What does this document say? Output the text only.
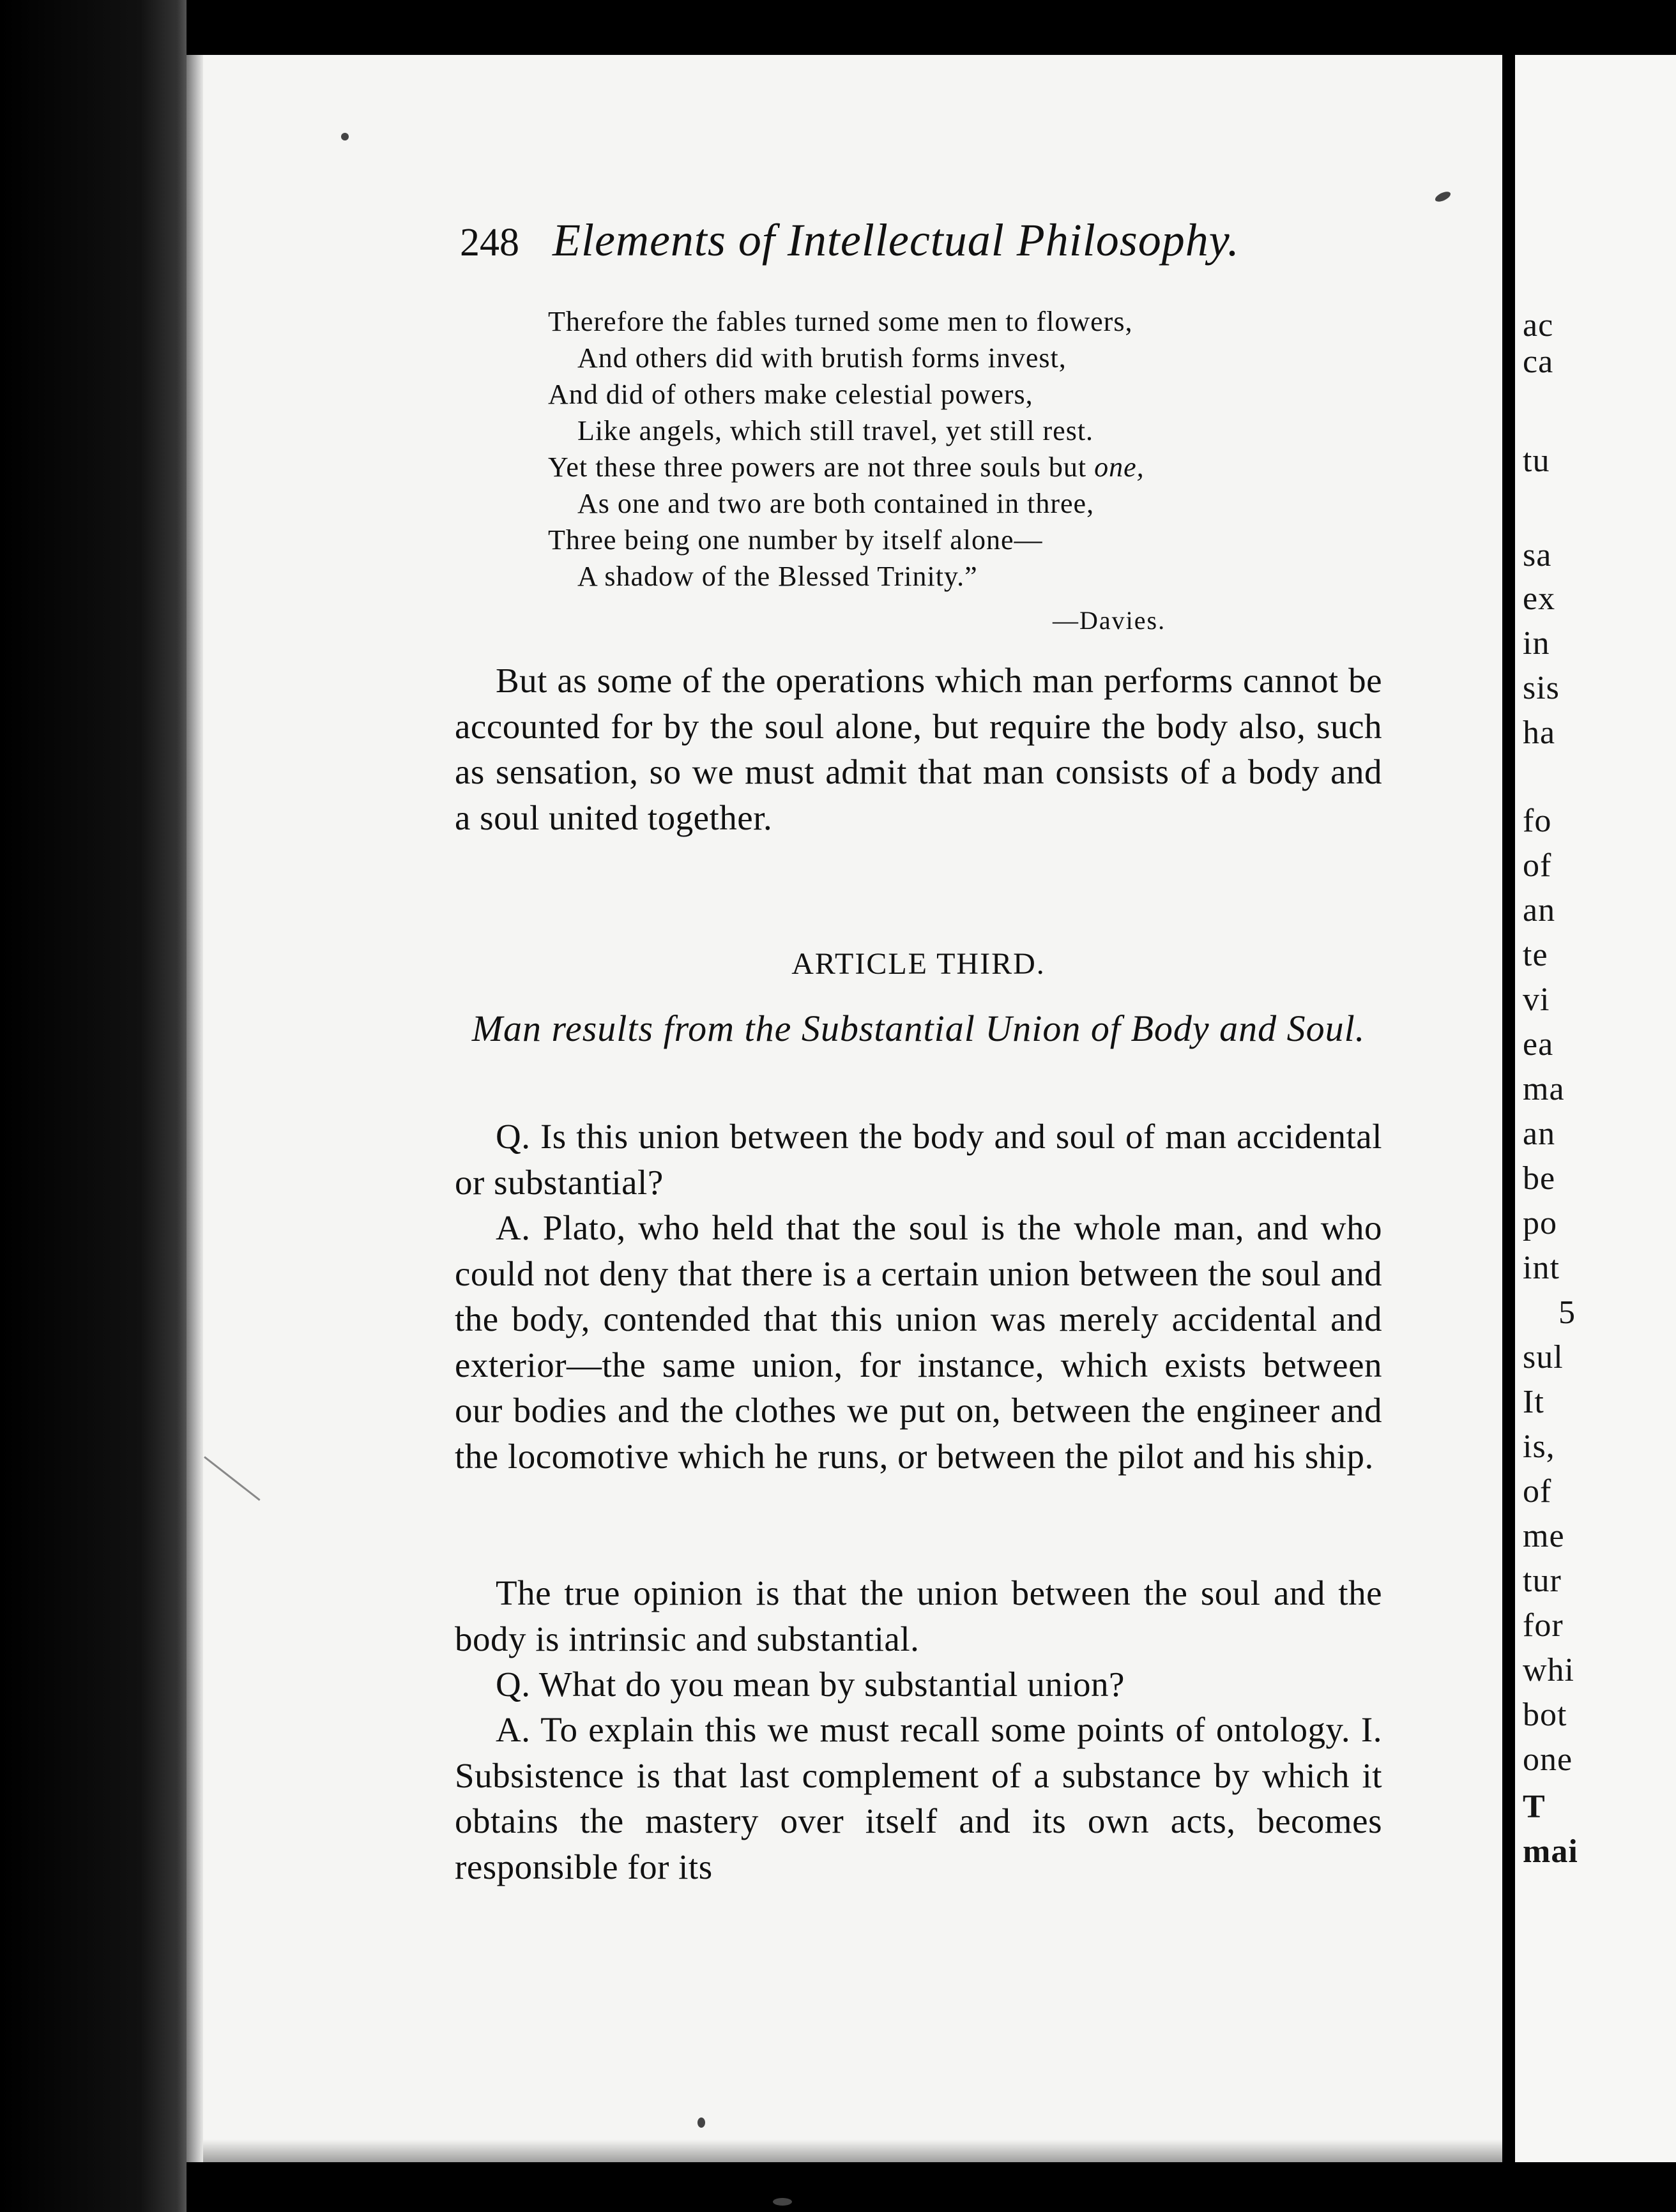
248 Elements of Intellectual Philosophy.
Therefore the fables turned some men to flowers,
And others did with brutish forms invest,
And did of others make celestial powers,
Like angels, which still travel, yet still rest.
Yet these three powers are not three souls but one,
As one and two are both contained in three,
Three being one number by itself alone—
A shadow of the Blessed Trinity.”
—Davies.

But as some of the operations which man performs cannot be accounted for by the soul alone, but require the body also, such as sensation, so we must admit that man consists of a body and a soul united together.

ARTICLE THIRD.
Man results from the Substantial Union of Body and Soul.

Q. Is this union between the body and soul of man accidental or substantial?

A. Plato, who held that the soul is the whole man, and who could not deny that there is a certain union between the soul and the body, contended that this union was merely accidental and exterior—the same union, for instance, which exists between our bodies and the clothes we put on, between the engineer and the locomotive which he runs, or between the pilot and his ship.

The true opinion is that the union between the soul and the body is intrinsic and substantial.

Q. What do you mean by substantial union?

A. To explain this we must recall some points of ontology. I. Subsistence is that last complement of a substance by which it obtains the mastery over itself and its own acts, becomes responsible for its

ac
ca
tu
sa
ex
in
sis
ha
fo
of
an
te
vi
ea
ma
an
be
po
int
5
sul
It
is,
of
me
tur
for
whi
bot
one
T
mai
